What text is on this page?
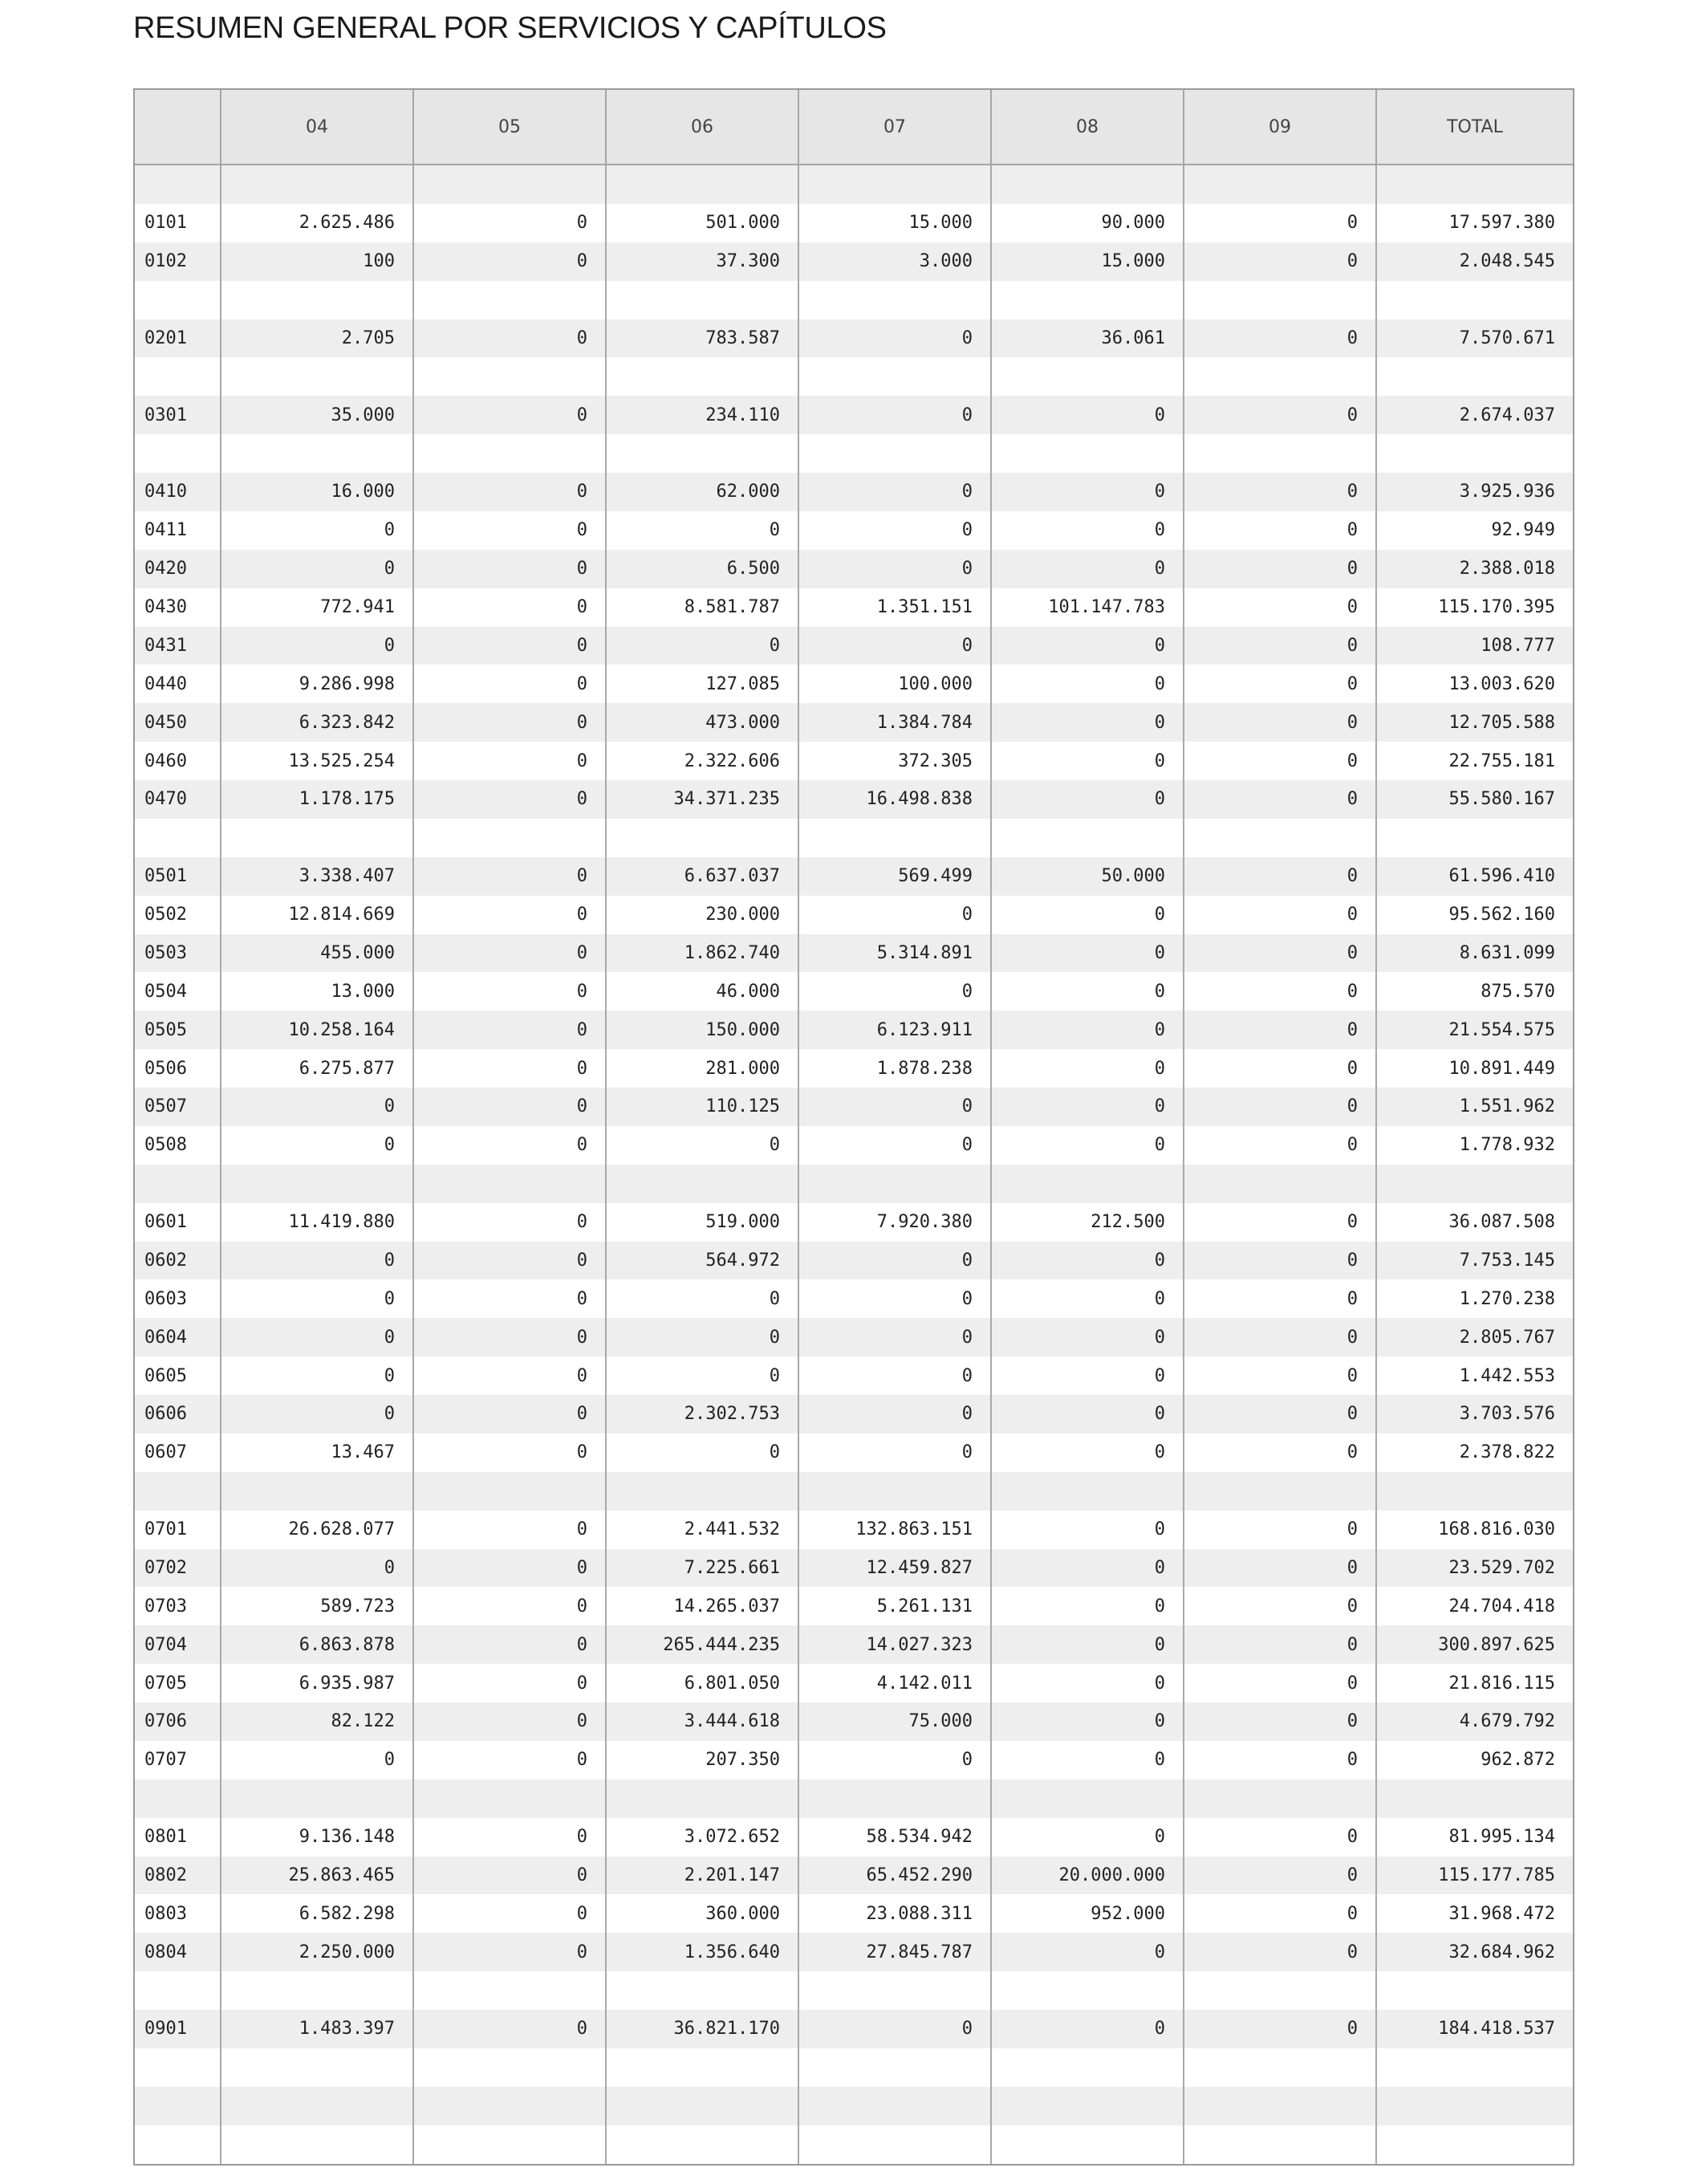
RESUMEN GENERAL POR SERVICIOS Y CAPÍTULOS
	04	05	06	07	08	09	TOTAL

0101	2.625.486	0	501.000	15.000	90.000	0	17.597.380
0102	100	0	37.300	3.000	15.000	0	2.048.545

0201	2.705	0	783.587	0	36.061	0	7.570.671

0301	35.000	0	234.110	0	0	0	2.674.037

0410	16.000	0	62.000	0	0	0	3.925.936
0411	0	0	0	0	0	0	92.949
0420	0	0	6.500	0	0	0	2.388.018
0430	772.941	0	8.581.787	1.351.151	101.147.783	0	115.170.395
0431	0	0	0	0	0	0	108.777
0440	9.286.998	0	127.085	100.000	0	0	13.003.620
0450	6.323.842	0	473.000	1.384.784	0	0	12.705.588
0460	13.525.254	0	2.322.606	372.305	0	0	22.755.181
0470	1.178.175	0	34.371.235	16.498.838	0	0	55.580.167

0501	3.338.407	0	6.637.037	569.499	50.000	0	61.596.410
0502	12.814.669	0	230.000	0	0	0	95.562.160
0503	455.000	0	1.862.740	5.314.891	0	0	8.631.099
0504	13.000	0	46.000	0	0	0	875.570
0505	10.258.164	0	150.000	6.123.911	0	0	21.554.575
0506	6.275.877	0	281.000	1.878.238	0	0	10.891.449
0507	0	0	110.125	0	0	0	1.551.962
0508	0	0	0	0	0	0	1.778.932

0601	11.419.880	0	519.000	7.920.380	212.500	0	36.087.508
0602	0	0	564.972	0	0	0	7.753.145
0603	0	0	0	0	0	0	1.270.238
0604	0	0	0	0	0	0	2.805.767
0605	0	0	0	0	0	0	1.442.553
0606	0	0	2.302.753	0	0	0	3.703.576
0607	13.467	0	0	0	0	0	2.378.822

0701	26.628.077	0	2.441.532	132.863.151	0	0	168.816.030
0702	0	0	7.225.661	12.459.827	0	0	23.529.702
0703	589.723	0	14.265.037	5.261.131	0	0	24.704.418
0704	6.863.878	0	265.444.235	14.027.323	0	0	300.897.625
0705	6.935.987	0	6.801.050	4.142.011	0	0	21.816.115
0706	82.122	0	3.444.618	75.000	0	0	4.679.792
0707	0	0	207.350	0	0	0	962.872

0801	9.136.148	0	3.072.652	58.534.942	0	0	81.995.134
0802	25.863.465	0	2.201.147	65.452.290	20.000.000	0	115.177.785
0803	6.582.298	0	360.000	23.088.311	952.000	0	31.968.472
0804	2.250.000	0	1.356.640	27.845.787	0	0	32.684.962

0901	1.483.397	0	36.821.170	0	0	0	184.418.537
